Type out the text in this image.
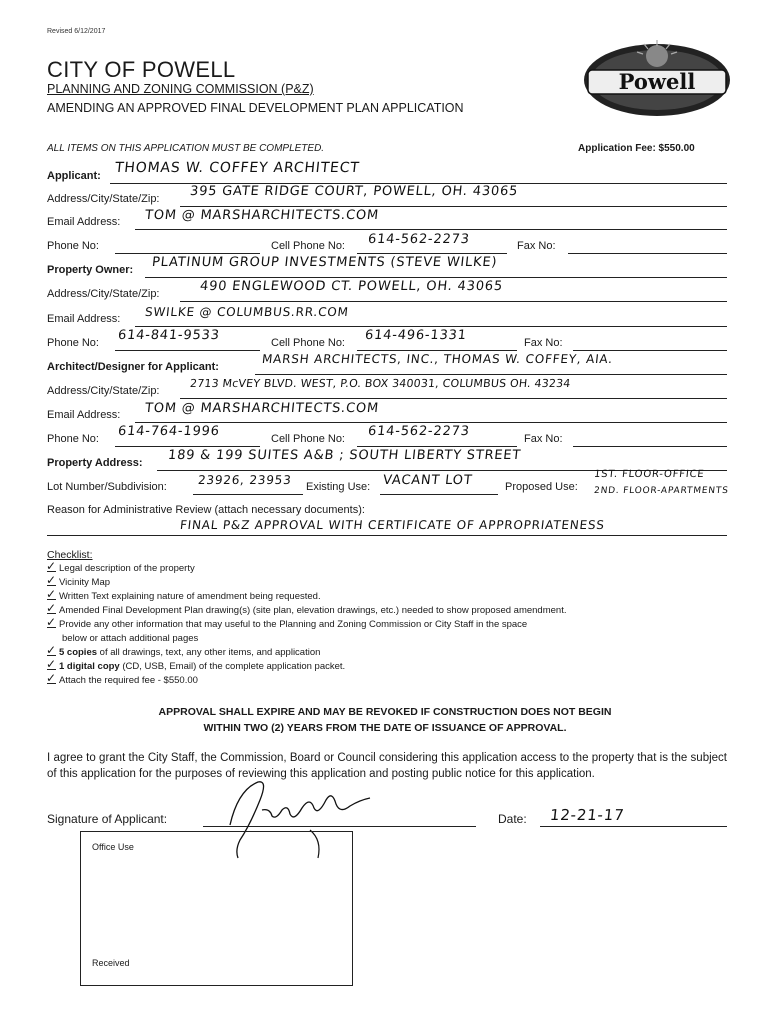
Revised 6/12/2017
CITY OF POWELL
PLANNING AND ZONING COMMISSION (P&Z)
AMENDING AN APPROVED FINAL DEVELOPMENT PLAN APPLICATION
Powell
ALL ITEMS ON THIS APPLICATION MUST BE COMPLETED.	Application Fee: $550.00
Applicant: THOMAS W. COFFEY ARCHITECT
Address/City/State/Zip: 395 GATE RIDGE COURT, POWELL, OH. 43065
Email Address: TOM @ MARSHARCHITECTS.COM
Phone No:	Cell Phone No: 614-562-2273	Fax No:
Property Owner: PLATINUM GROUP INVESTMENTS (STEVE WILKE)
Address/City/State/Zip:	490 ENGLEWOOD CT. POWELL, OH. 43065
Email Address: SWILKE @ COLUMBUS.RR.COM
Phone No: 614-841-9533	Cell Phone No: 614-496-1331	Fax No:
Architect/Designer for Applicant:
MARSH ARCHITECTS, INC., THOMAS W. COFFEY, AIA.
Address/City/State/Zip:
2713 McVEY BLVD. WEST, P.O. BOX 340031, COLUMBUS OH. 43234
Email Address: TOM @ MARSHARCHITECTS.COM
Phone No: 614-764-1996	Cell Phone No: 614-562-2273	Fax No:
Property Address: 189 & 199 SUITES A&B ; SOUTH LIBERTY STREET
Lot Number/Subdivision:	23926, 23953 Existing Use: VACANT LOT	Proposed Use:
1ST. FLOOR-OFFICE
2ND. FLOOR-APARTMENTS
Reason for Administrative Review (attach necessary documents):
FINAL P&Z APPROVAL WITH CERTIFICATE OF APPROPRIATENESS
Checklist:
✓ Legal description of the property
✓ Vicinity Map
✓ Written Text explaining nature of amendment being requested.
✓ Amended Final Development Plan drawing(s) (site plan, elevation drawings, etc.) needed to show proposed amendment.
✓ Provide any other information that may useful to the Planning and Zoning Commission or City Staff in the space
below or attach additional pages
✓ 5 copies of all drawings, text, any other items, and application
✓ 1 digital copy (CD, USB, Email) of the complete application packet.
✓ Attach the required fee - $550.00
APPROVAL SHALL EXPIRE AND MAY BE REVOKED IF CONSTRUCTION DOES NOT BEGIN
WITHIN TWO (2) YEARS FROM THE DATE OF ISSUANCE OF APPROVAL.
I agree to grant the City Staff, the Commission, Board or Council considering this application access to the property that is the subject of this application for the purposes of reviewing this application and posting public notice for this application.
Signature of Applicant:	Date: 12-21-17
Office Use
Received
